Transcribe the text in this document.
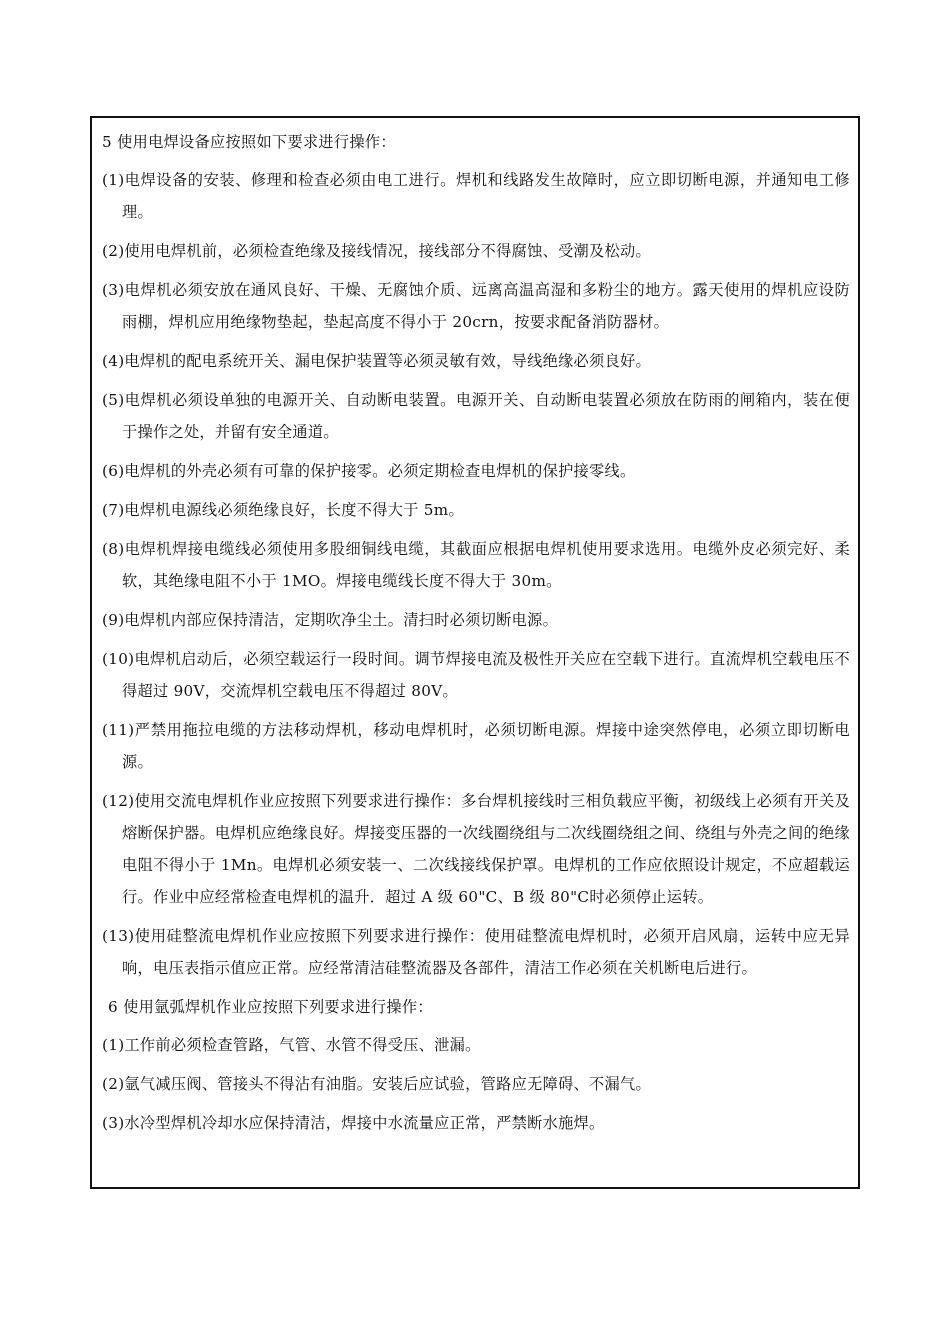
5 使用电焊设备应按照如下要求进行操作：

(1)电焊设备的安装、修理和检查必须由电工进行。焊机和线路发生故障时，应立即切断电源，并通知电工修理。

(2)使用电焊机前，必须检查绝缘及接线情况，接线部分不得腐蚀、受潮及松动。

(3)电焊机必须安放在通风良好、干燥、无腐蚀介质、远离高温高湿和多粉尘的地方。露天使用的焊机应设防雨棚，焊机应用绝缘物垫起，垫起高度不得小于 20crn，按要求配备消防器材。

(4)电焊机的配电系统开关、漏电保护装置等必须灵敏有效，导线绝缘必须良好。

(5)电焊机必须设单独的电源开关、自动断电装置。电源开关、自动断电装置必须放在防雨的闸箱内，装在便于操作之处，并留有安全通道。

(6)电焊机的外壳必须有可靠的保护接零。必须定期检查电焊机的保护接零线。

(7)电焊机电源线必须绝缘良好，长度不得大于 5m。

(8)电焊机焊接电缆线必须使用多股细铜线电缆，其截面应根据电焊机使用要求选用。电缆外皮必须完好、柔软，其绝缘电阻不小于 1MO。焊接电缆线长度不得大于 30m。

(9)电焊机内部应保持清洁，定期吹净尘土。清扫时必须切断电源。

(10)电焊机启动后，必须空载运行一段时间。调节焊接电流及极性开关应在空载下进行。直流焊机空载电压不得超过 90V，交流焊机空载电压不得超过 80V。

(11)严禁用拖拉电缆的方法移动焊机，移动电焊机时，必须切断电源。焊接中途突然停电，必须立即切断电源。

(12)使用交流电焊机作业应按照下列要求进行操作：多台焊机接线时三相负载应平衡，初级线上必须有开关及熔断保护器。电焊机应绝缘良好。焊接变压器的一次线圈绕组与二次线圈绕组之间、绕组与外壳之间的绝缘电阻不得小于 1Mn。电焊机必须安装一、二次线接线保护罩。电焊机的工作应依照设计规定，不应超载运行。作业中应经常检查电焊机的温升．超过 A 级 60"C、B 级 80"C时必须停止运转。

(13)使用硅整流电焊机作业应按照下列要求进行操作：使用硅整流电焊机时，必须开启风扇，运转中应无异响，电压表指示值应正常。应经常清洁硅整流器及各部件，清洁工作必须在关机断电后进行。

6 使用氩弧焊机作业应按照下列要求进行操作：

(1)工作前必须检查管路，气管、水管不得受压、泄漏。

(2)氩气减压阀、管接头不得沾有油脂。安装后应试验，管路应无障碍、不漏气。

(3)水冷型焊机冷却水应保持清洁，焊接中水流量应正常，严禁断水施焊。
